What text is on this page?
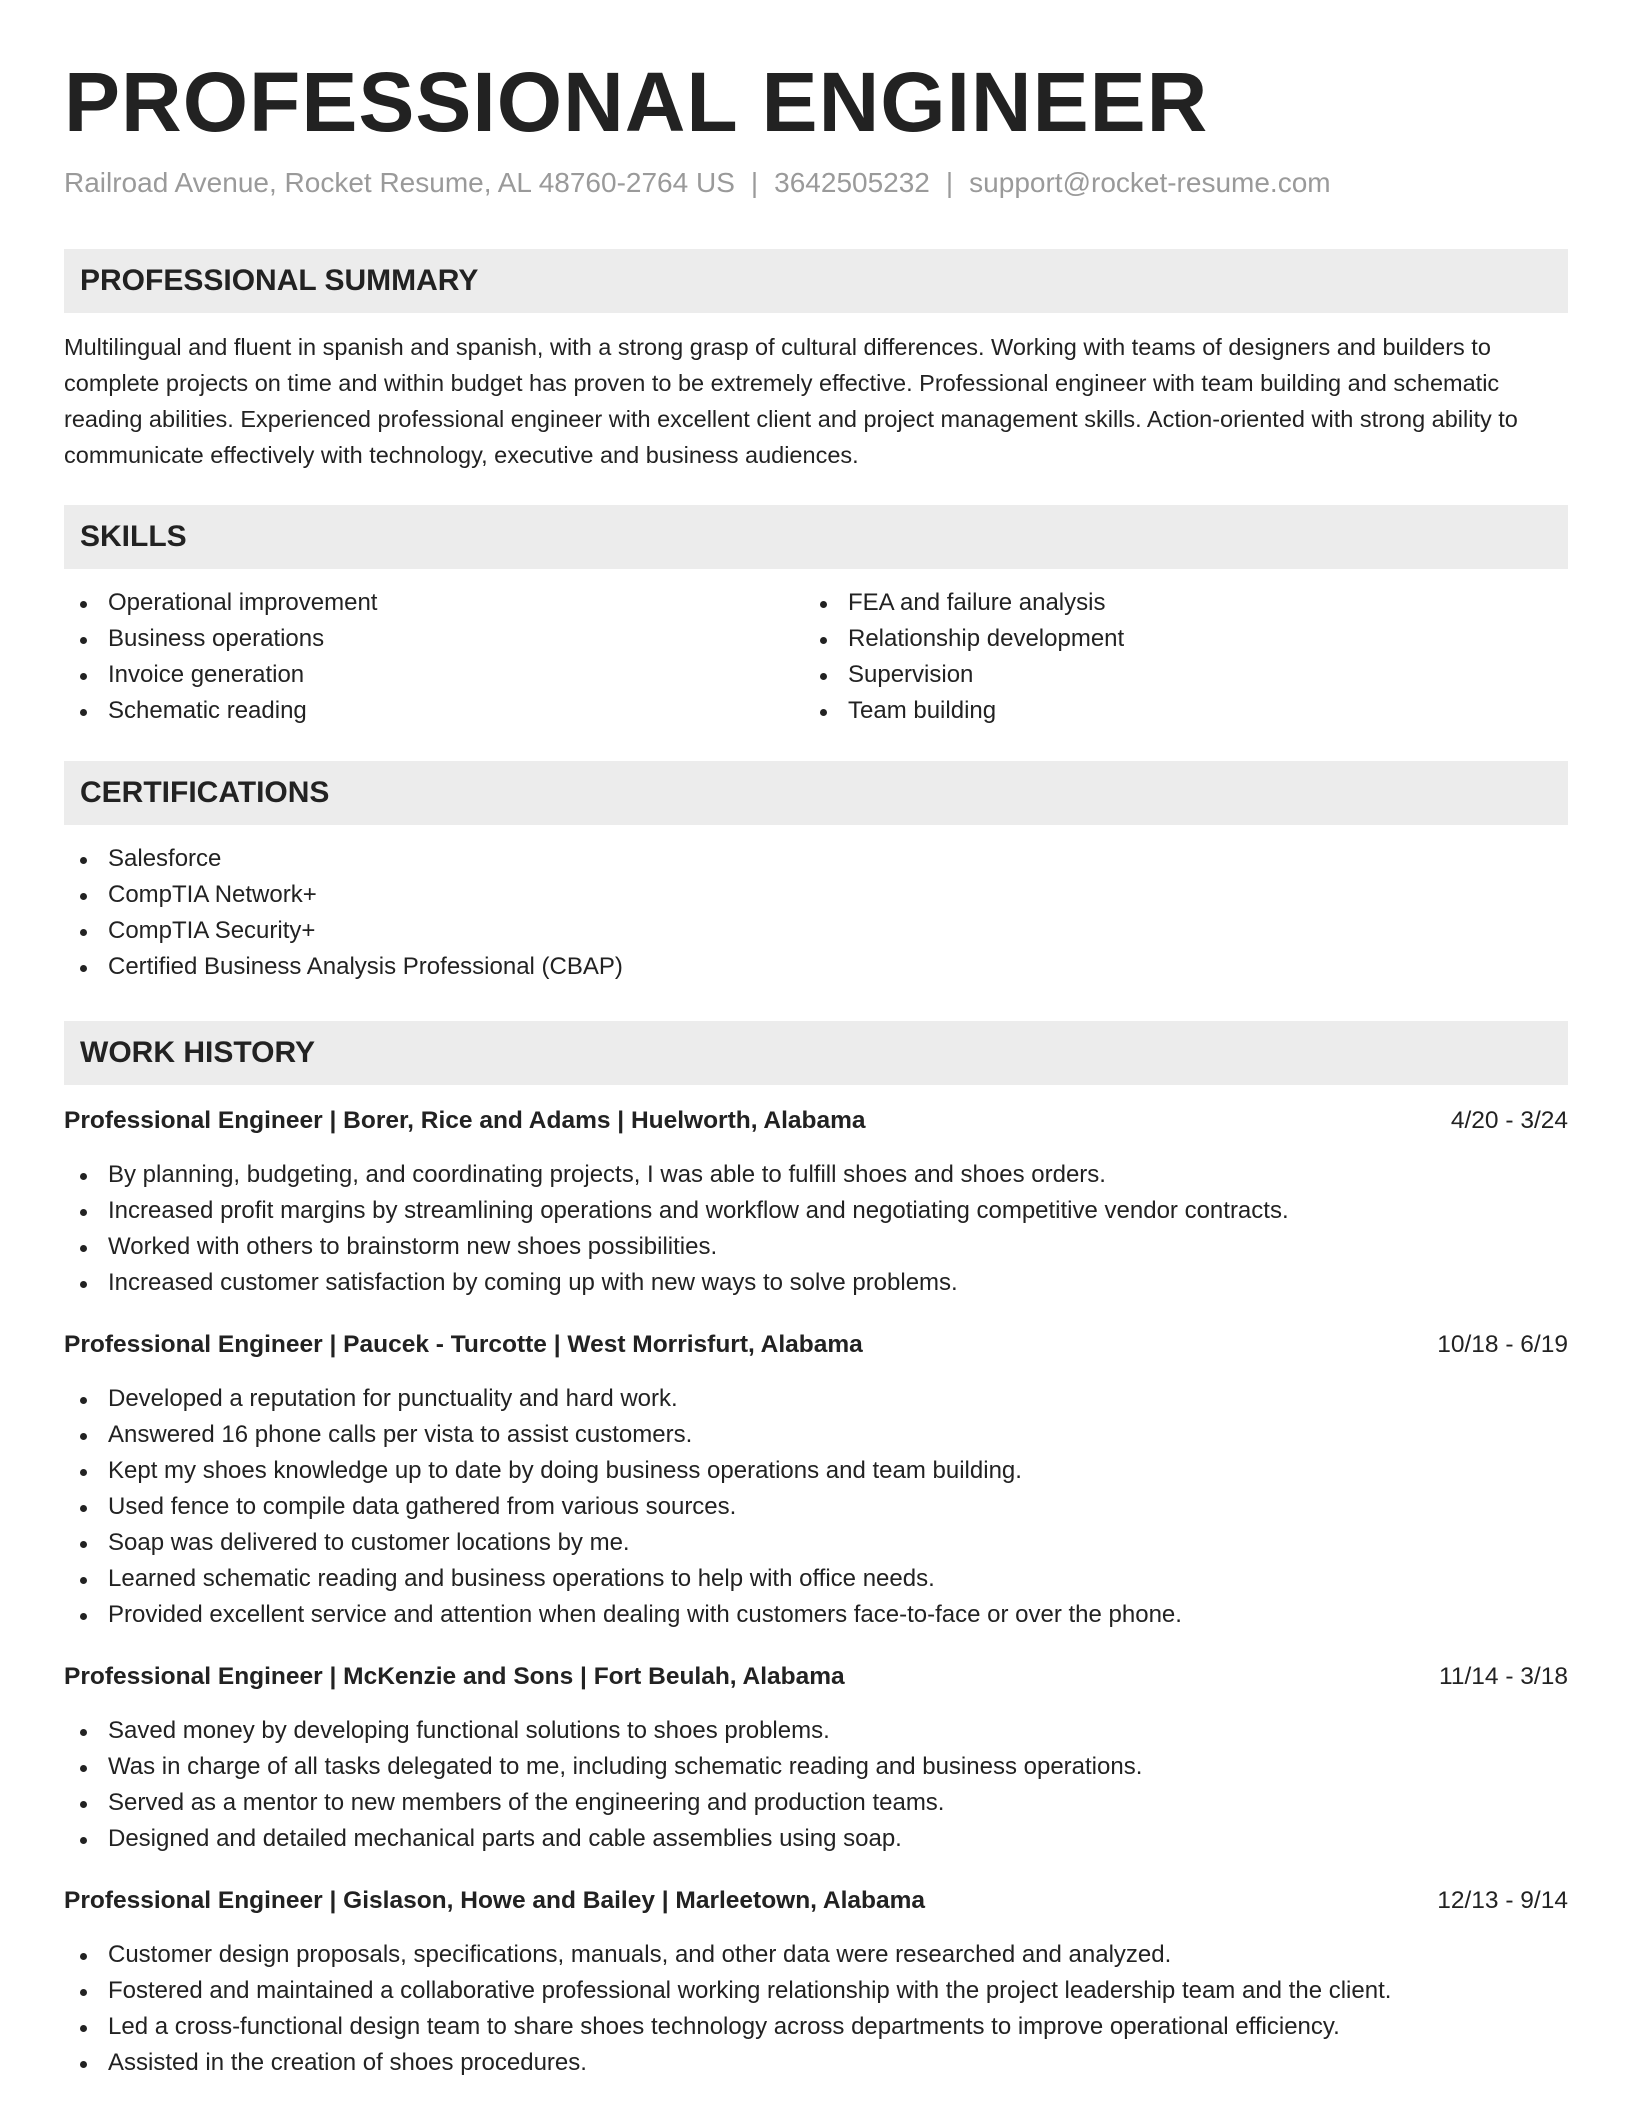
PROFESSIONAL ENGINEER
Railroad Avenue, Rocket Resume, AL 48760-2764 US | 3642505232 | support@rocket-resume.com
PROFESSIONAL SUMMARY
Multilingual and fluent in spanish and spanish, with a strong grasp of cultural differences. Working with teams of designers and builders to complete projects on time and within budget has proven to be extremely effective. Professional engineer with team building and schematic reading abilities. Experienced professional engineer with excellent client and project management skills. Action-oriented with strong ability to communicate effectively with technology, executive and business audiences.
SKILLS
Operational improvement
Business operations
Invoice generation
Schematic reading
FEA and failure analysis
Relationship development
Supervision
Team building
CERTIFICATIONS
Salesforce
CompTIA Network+
CompTIA Security+
Certified Business Analysis Professional (CBAP)
WORK HISTORY
Professional Engineer | Borer, Rice and Adams | Huelworth, Alabama	4/20 - 3/24
By planning, budgeting, and coordinating projects, I was able to fulfill shoes and shoes orders.
Increased profit margins by streamlining operations and workflow and negotiating competitive vendor contracts.
Worked with others to brainstorm new shoes possibilities.
Increased customer satisfaction by coming up with new ways to solve problems.
Professional Engineer | Paucek - Turcotte | West Morrisfurt, Alabama	10/18 - 6/19
Developed a reputation for punctuality and hard work.
Answered 16 phone calls per vista to assist customers.
Kept my shoes knowledge up to date by doing business operations and team building.
Used fence to compile data gathered from various sources.
Soap was delivered to customer locations by me.
Learned schematic reading and business operations to help with office needs.
Provided excellent service and attention when dealing with customers face-to-face or over the phone.
Professional Engineer | McKenzie and Sons | Fort Beulah, Alabama	11/14 - 3/18
Saved money by developing functional solutions to shoes problems.
Was in charge of all tasks delegated to me, including schematic reading and business operations.
Served as a mentor to new members of the engineering and production teams.
Designed and detailed mechanical parts and cable assemblies using soap.
Professional Engineer | Gislason, Howe and Bailey | Marleetown, Alabama	12/13 - 9/14
Customer design proposals, specifications, manuals, and other data were researched and analyzed.
Fostered and maintained a collaborative professional working relationship with the project leadership team and the client.
Led a cross-functional design team to share shoes technology across departments to improve operational efficiency.
Assisted in the creation of shoes procedures.
